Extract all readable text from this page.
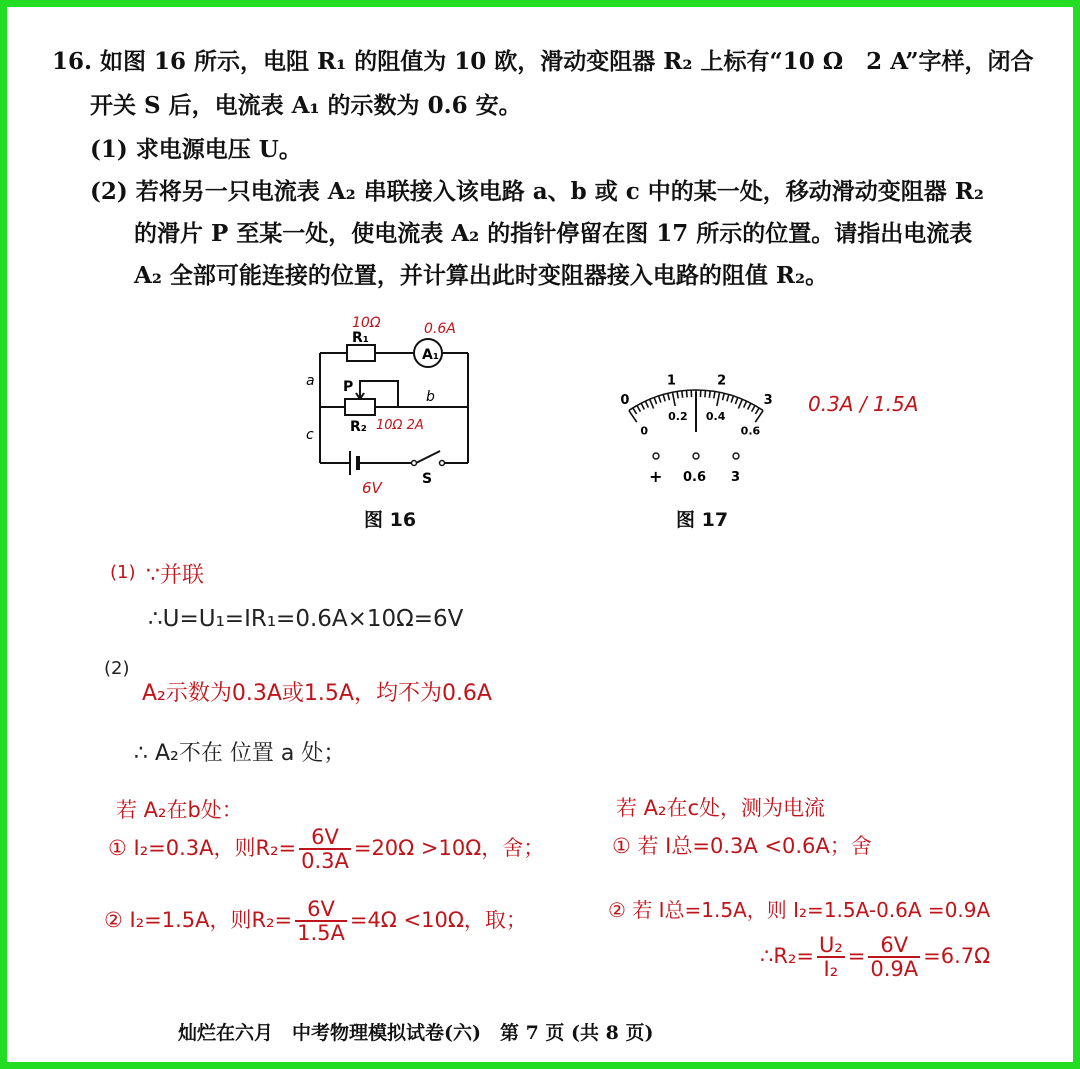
16. 如图 16 所示，电阻 R₁ 的阻值为 10 欧，滑动变阻器 R₂ 上标有“10 Ω　2 A”字样，闭合
开关 S 后，电流表 A₁ 的示数为 0.6 安。
(1) 求电源电压 U。
(2) 若将另一只电流表 A₂ 串联接入该电路 a、b 或 c 中的某一处，移动滑动变阻器 R₂
的滑片 P 至某一处，使电流表 A₂ 的指针停留在图 17 所示的位置。请指出电流表
A₂ 全部可能连接的位置，并计算出此时变阻器接入电路的阻值 R₂。
A₁
R₁
R₂
P
S
a
b
c
10Ω	0.6A
10Ω 2A
6V
图 16
0
1	2
3
0
0.2 0.4
0.6
+ 0.6 3
0.3A / 1.5A
图 17
(1) ∵并联
∴U=U₁=IR₁=0.6A×10Ω=6V
(2)
A₂示数为0.3A或1.5A，均不为0.6A
∴ A₂不在 位置 a 处；
若 A₂在b处：
① I₂=0.3A，则$R_2= \frac{6V}{0.3A} =20\Omega >10\Omega$，舍；
② I₂=1.5A，则$R_2= \frac{6V}{1.5A} =4\Omega <10\Omega$，取；
若 A₂在c处，测为电流
① 若 I总=0.3A <0.6A；舍
② 若 I总=1.5A，则 I₂=1.5A-0.6A =0.9A
∴R₂= $\frac{\text{U₂}}{\text{I₂}} = \frac{6V}{0.9A} =6.7\Omega$
灿烂在六月　中考物理模拟试卷(六)　第 7 页 (共 8 页)
